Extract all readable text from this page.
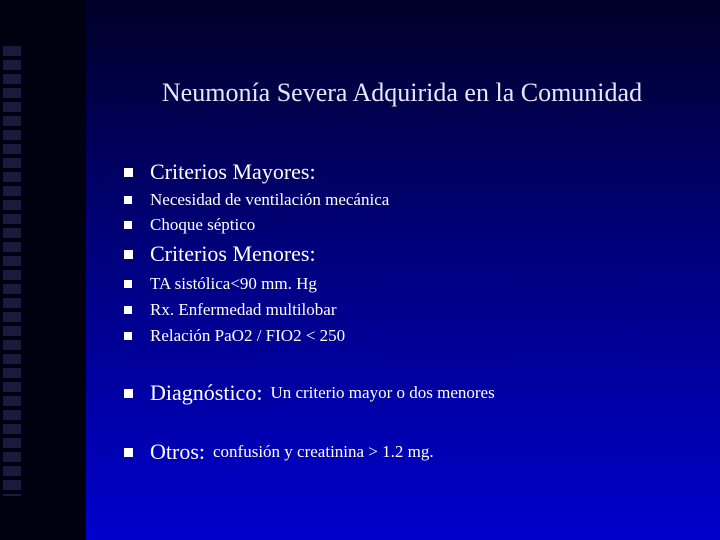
Neumonía Severa Adquirida en la Comunidad
Criterios Mayores:
Necesidad de ventilación mecánica
Choque séptico
Criterios Menores:
TA sistólica<90 mm. Hg
Rx. Enfermedad multilobar
Relación PaO2 / FIO2 < 250
Diagnóstico: Un criterio mayor o dos menores
Otros: confusión y creatinina > 1.2 mg.
